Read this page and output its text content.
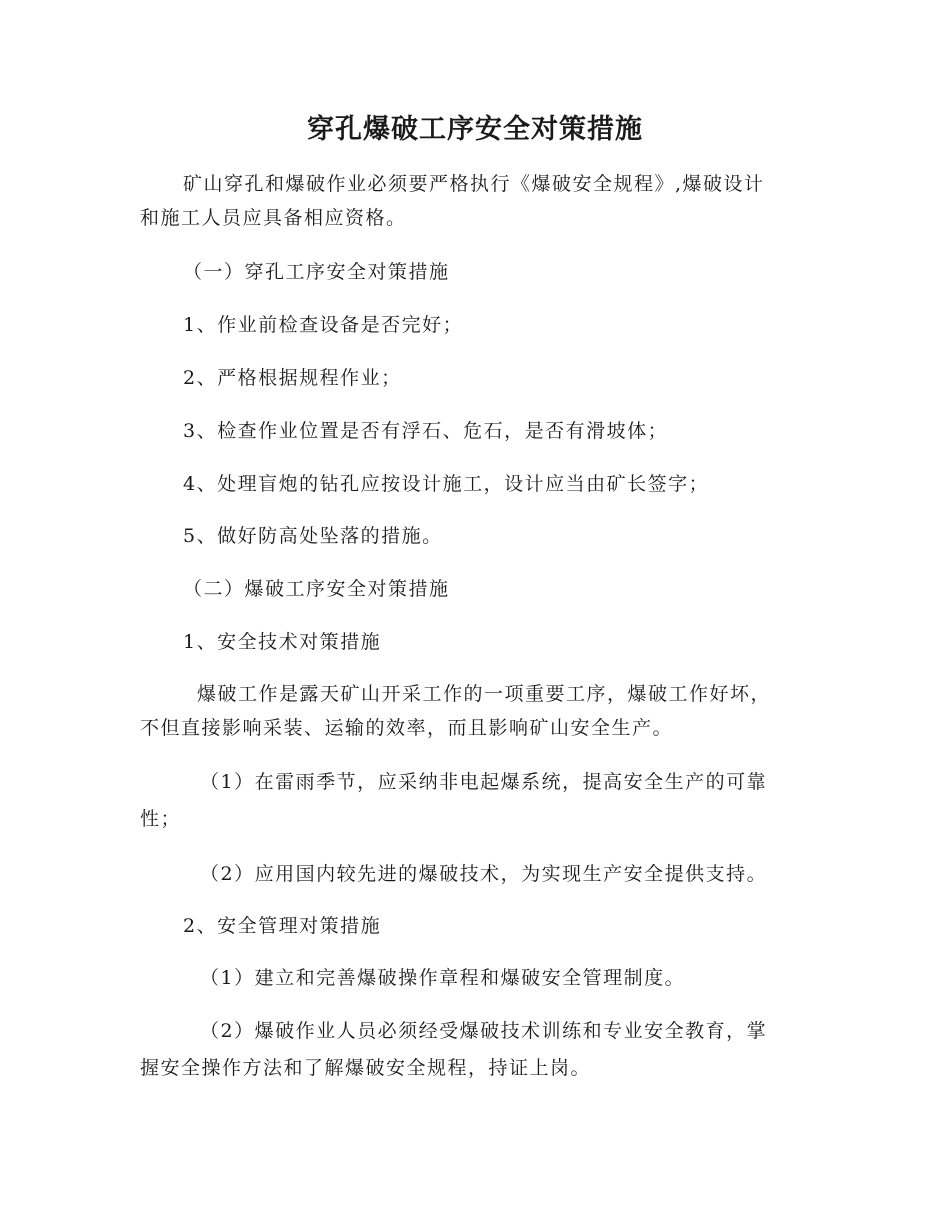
穿孔爆破工序安全对策措施
矿山穿孔和爆破作业必须要严格执行《爆破安全规程》,爆破设计
和施工人员应具备相应资格。
（一）穿孔工序安全对策措施
1、作业前检查设备是否完好；
2、严格根据规程作业；
3、检查作业位置是否有浮石、危石，是否有滑坡体；
4、处理盲炮的钻孔应按设计施工，设计应当由矿长签字；
5、做好防高处坠落的措施。
（二）爆破工序安全对策措施
1、安全技术对策措施
爆破工作是露天矿山开采工作的一项重要工序，爆破工作好坏，
不但直接影响采装、运输的效率，而且影响矿山安全生产。
（1）在雷雨季节，应采纳非电起爆系统，提高安全生产的可靠
性；
（2）应用国内较先进的爆破技术，为实现生产安全提供支持。
2、安全管理对策措施
（1）建立和完善爆破操作章程和爆破安全管理制度。
（2）爆破作业人员必须经受爆破技术训练和专业安全教育，掌
握安全操作方法和了解爆破安全规程，持证上岗。
